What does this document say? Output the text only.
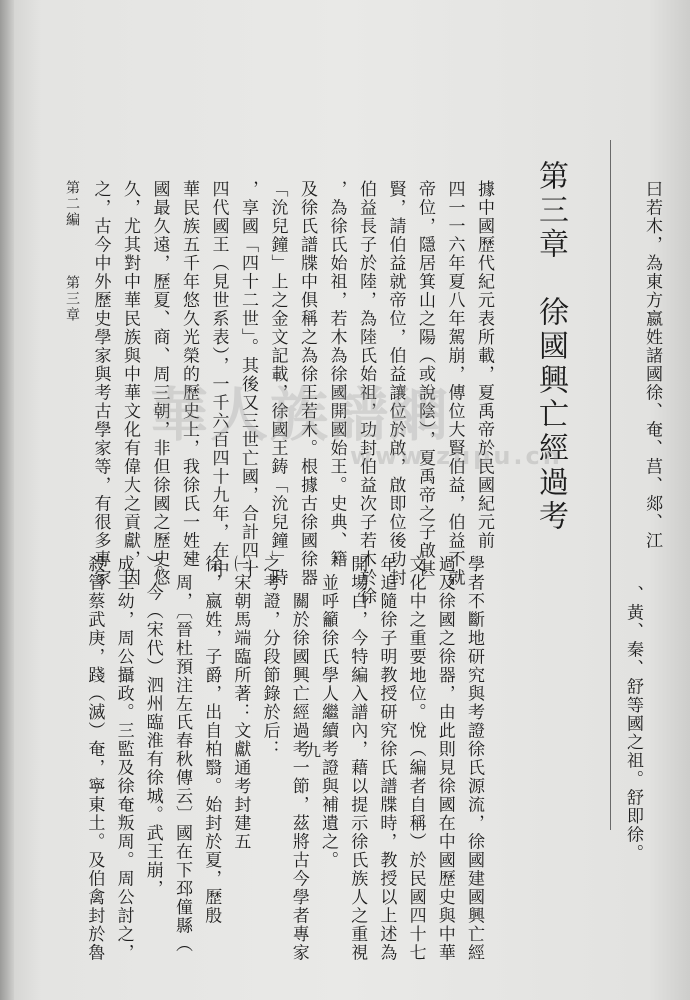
曰若木，為東方嬴姓諸國徐、奄、莒、郯、江
、黃、秦、舒等國之祖。舒即徐。
第三章　徐國興亡經過考
據中國歷代紀元表所載，夏禹帝於民國紀元前
四一一六年夏八年駕崩，傳位大賢伯益，伯益不就
帝位，隱居箕山之陽（或說陰），夏禹帝之子啟甚
賢，請伯益就帝位，伯益讓位於啟，啟即位後功封
伯益長子於陸，為陸氏始祖，功封伯益次子若木於徐
，為徐氏始祖，若木為徐國開國始王。史典、籍
及徐氏譜牒中俱稱之為徐王若木。根據古徐國徐器
「沇兒鐘」上之金文記載，徐國王鋳「沇兒鐘」時
，享國「四十二世」。其後又三世亡國，合計四十
四代國王（見世系表），一千六百四十九年，在中
華民族五千年悠久光榮的歷史上，我徐氏一姓建
國最久遠，歷夏、商、周三朝，非但徐國之歷史悠
久，尤其對中華民族與中華文化有偉大之貢獻，因
之，古今中外歷史學家與考古學家等，有很多專家
學者不斷地研究與考證徐氏源流，徐國建國興亡經
過及徐國之徐器，由此則見徐國在中國歷史與中華
文化中之重要地位。悅（編者自稱）於民國四十七
年追隨徐子明教授研究徐氏譜牒時，教授以上述為
開場白，今特編入譜內，藉以提示徐氏族人之重視
，並呼籲徐氏學人繼續考證與補遺之。
　　關於徐國興亡經過考一節，茲將古今學者專家
之考證，分段節錄於后：
㈠宋朝馬端臨所著：文獻通考封建五
徐，嬴姓，子爵，出自柏翳。始封於夏，歷殷
、周，〔晉杜預注左氏春秋傳云〕國在下邳僮縣（
）。今（宋代）泗州臨淮有徐城。武王崩，
成王幼，周公攝政。三監及徐奄叛周。周公討之，
殺管蔡武庚，踐（滅）奄，寧東土。及伯禽封於魯
第二編
第三章
九
華人族譜網
www.zupu.cn
